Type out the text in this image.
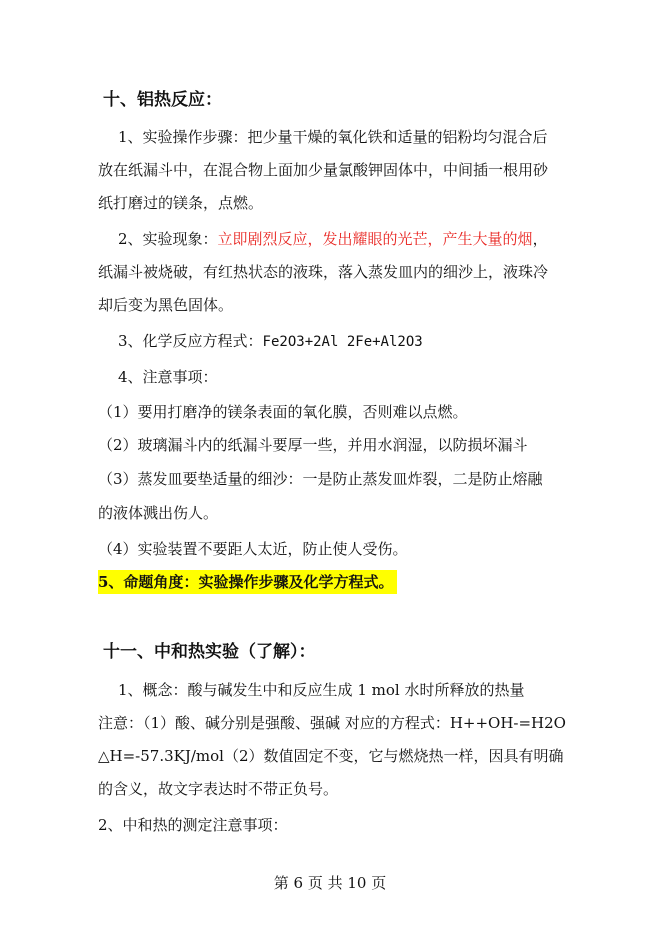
十、铝热反应：
1、实验操作步骤：把少量干燥的氧化铁和适量的铝粉均匀混合后
放在纸漏斗中，在混合物上面加少量氯酸钾固体中，中间插一根用砂
纸打磨过的镁条，点燃。
2、实验现象：立即剧烈反应，发出耀眼的光芒，产生大量的烟，
纸漏斗被烧破，有红热状态的液珠，落入蒸发皿内的细沙上，液珠冷
却后变为黑色固体。
3、化学反应方程式：Fe2O3+2Al 2Fe+Al2O3
4、注意事项：
（1）要用打磨净的镁条表面的氧化膜，否则难以点燃。
（2）玻璃漏斗内的纸漏斗要厚一些，并用水润湿，以防损坏漏斗
（3）蒸发皿要垫适量的细沙：一是防止蒸发皿炸裂，二是防止熔融
的液体溅出伤人。
（4）实验装置不要距人太近，防止使人受伤。
5、命题角度：实验操作步骤及化学方程式。
十一、中和热实验（了解）：
1、概念：酸与碱发生中和反应生成 1 mol 水时所释放的热量
注意：（1）酸、碱分别是强酸、强碱 对应的方程式：H++OH-=H2O
△H=-57.3KJ/mol（2）数值固定不变，它与燃烧热一样，因具有明确
的含义，故文字表达时不带正负号。
2、中和热的测定注意事项：
第 6 页 共 10 页
